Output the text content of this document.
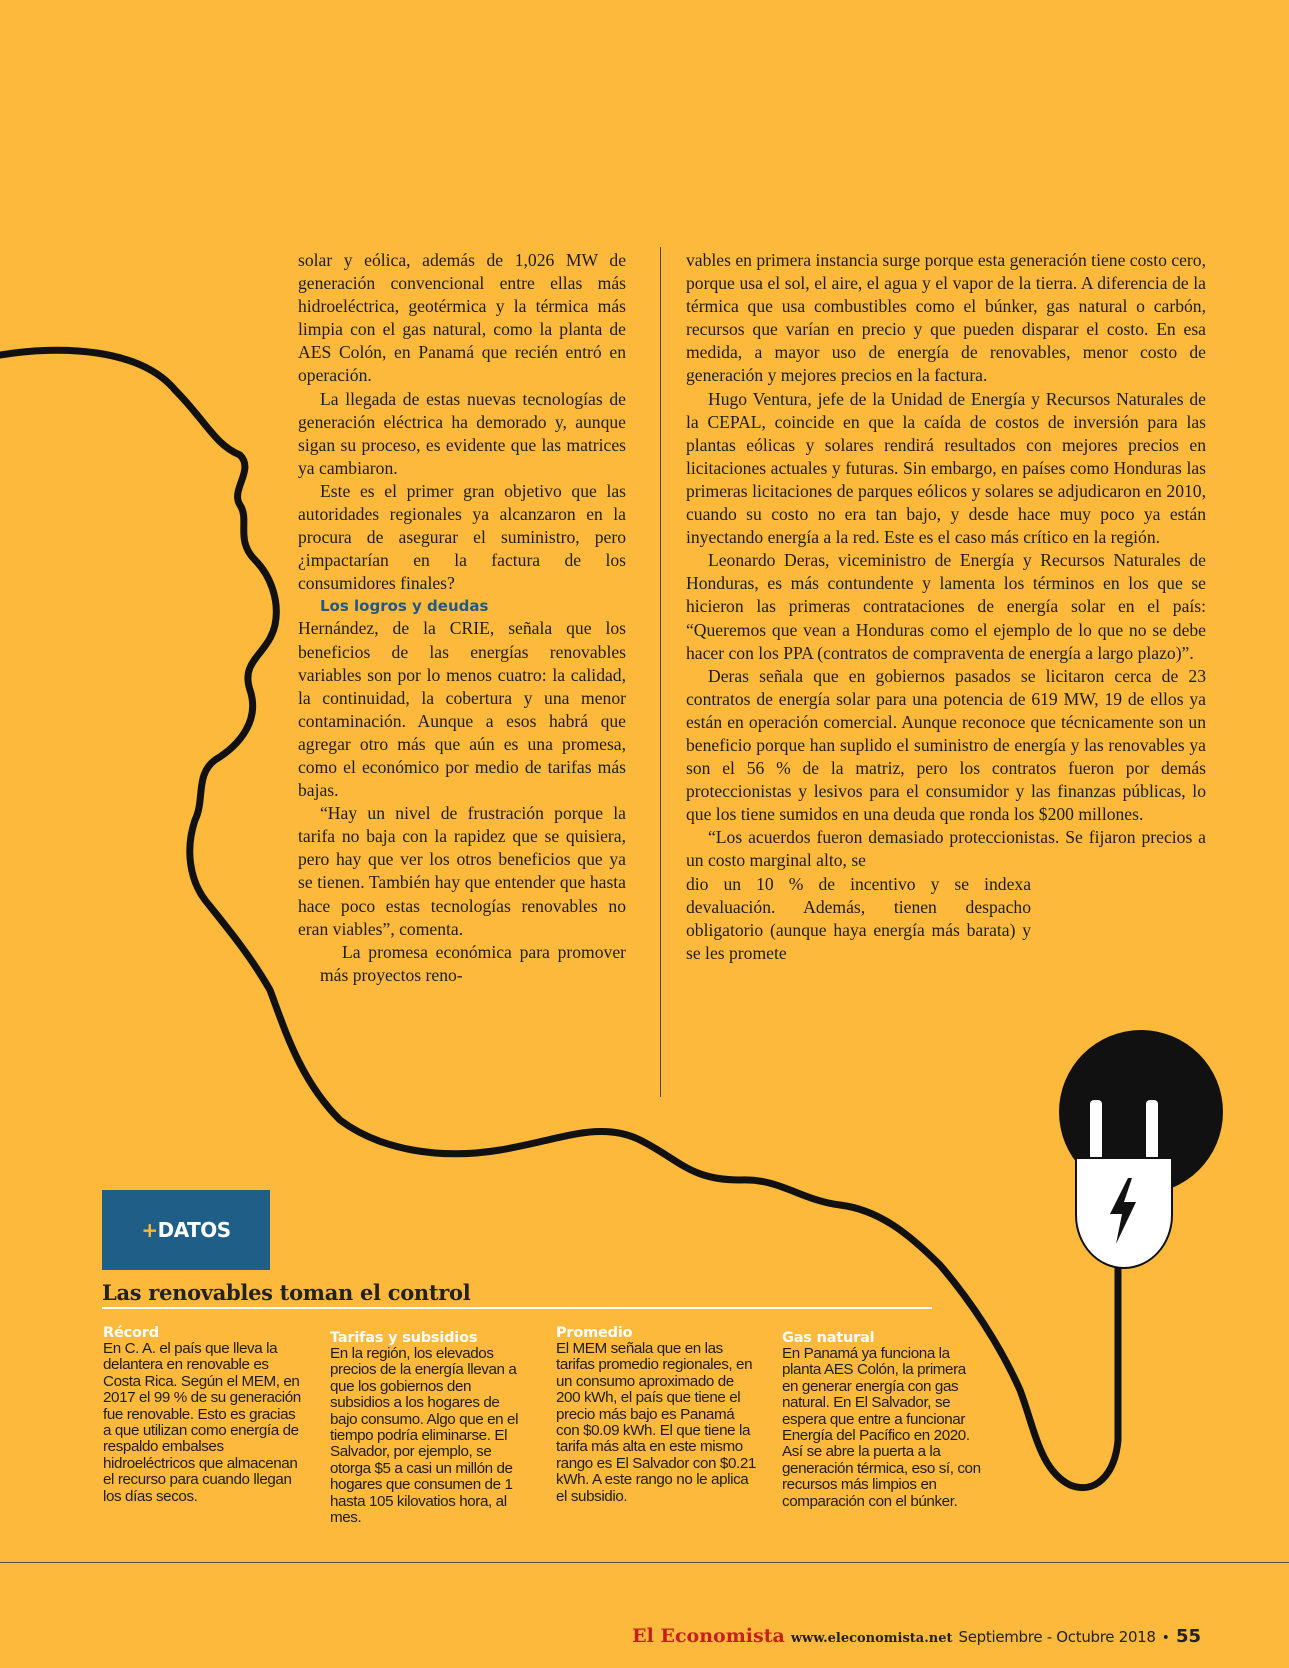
solar y eólica, además de 1,026 MW de generación convencional entre ellas más hidroeléctrica, geotérmica y la térmica más limpia con el gas natural, como la planta de AES Colón, en Panamá que recién entró en operación.

La llegada de estas nuevas tecnologías de generación eléctrica ha demorado y, aunque sigan su proceso, es evidente que las matrices ya cambiaron.

Este es el primer gran objetivo que las autoridades regionales ya alcanzaron en la procura de asegurar el suministro, pero ¿impactarían en la factura de los consumidores finales?

Los logros y deudas

Hernández, de la CRIE, señala que los beneficios de las energías renovables variables son por lo menos cuatro: la calidad, la continuidad, la cobertura y una menor contaminación. Aunque a esos habrá que agregar otro más que aún es una promesa, como el económico por medio de tarifas más bajas.

“Hay un nivel de frustración porque la tarifa no baja con la rapidez que se quisiera, pero hay que ver los otros beneficios que ya se tienen. También hay que entender que hasta hace poco estas tecnologías renovables no eran viables”, comenta.

La promesa económica para promover más proyectos reno-

vables en primera instancia surge porque esta generación tiene costo cero, porque usa el sol, el aire, el agua y el vapor de la tierra. A diferencia de la térmica que usa combustibles como el búnker, gas natural o carbón, recursos que varían en precio y que pueden disparar el costo. En esa medida, a mayor uso de energía de renovables, menor costo de generación y mejores precios en la factura.

Hugo Ventura, jefe de la Unidad de Energía y Recursos Naturales de la CEPAL, coincide en que la caída de costos de inversión para las plantas eólicas y solares rendirá resultados con mejores precios en licitaciones actuales y futuras. Sin embargo, en países como Honduras las primeras licitaciones de parques eólicos y solares se adjudicaron en 2010, cuando su costo no era tan bajo, y desde hace muy poco ya están inyectando energía a la red. Este es el caso más crítico en la región.

Leonardo Deras, viceministro de Energía y Recursos Naturales de Honduras, es más contundente y lamenta los términos en los que se hicieron las primeras contrataciones de energía solar en el país: “Queremos que vean a Honduras como el ejemplo de lo que no se debe hacer con los PPA (contratos de compraventa de energía a largo plazo)”.

Deras señala que en gobiernos pasados se licitaron cerca de 23 contratos de energía solar para una potencia de 619 MW, 19 de ellos ya están en operación comercial. Aunque reconoce que técnicamente son un beneficio porque han suplido el suministro de energía y las renovables ya son el 56 % de la matriz, pero los contratos fueron por demás proteccionistas y lesivos para el consumidor y las finanzas públicas, lo que los tiene sumidos en una deuda que ronda los $200 millones.

“Los acuerdos fueron demasiado proteccionistas. Se fijaron precios a un costo marginal alto, se

dio un 10 % de incentivo y se indexa devaluación. Además, tienen despacho obligatorio (aunque haya energía más barata) y se les promete

+ DATOS
Las renovables toman el control
Récord
En C. A. el país que lleva la delantera en renovable es Costa Rica. Según el MEM, en 2017 el 99 % de su generación fue renovable. Esto es gracias a que utilizan como energía de respaldo embalses hidroeléctricos que almacenan el recurso para cuando llegan los días secos.
Tarifas y subsidios
En la región, los elevados precios de la energía llevan a que los gobiernos den subsidios a los hogares de bajo consumo. Algo que en el tiempo podría eliminarse. El Salvador, por ejemplo, se otorga $5 a casi un millón de hogares que consumen de 1 hasta 105 kilovatios hora, al mes.
Promedio
El MEM señala que en las tarifas promedio regionales, en un consumo aproximado de 200 kWh, el país que tiene el precio más bajo es Panamá con $0.09 kWh. El que tiene la tarifa más alta en este mismo rango es El Salvador con $0.21 kWh. A este rango no le aplica el subsidio.
Gas natural
En Panamá ya funciona la planta AES Colón, la primera en generar energía con gas natural. En El Salvador, se espera que entre a funcionar Energía del Pacífico en 2020. Así se abre la puerta a la generación térmica, eso sí, con recursos más limpios en comparación con el búnker.
El Economista www.eleconomista.net Septiembre - Octubre 2018 • 55
